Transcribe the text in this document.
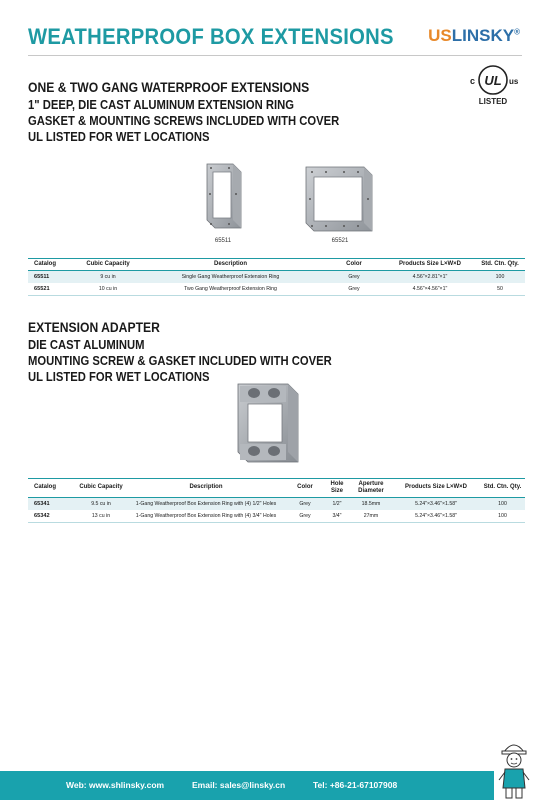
WEATHERPROOF BOX EXTENSIONS USLINSKY®
c UL us
LISTED
ONE & TWO GANG WATERPROOF EXTENSIONS
1" DEEP, DIE CAST ALUMINUM EXTENSION RING
GASKET & MOUNTING SCREWS INCLUDED WITH COVER
UL LISTED FOR WET LOCATIONS
65511	65521
Catalog	Cubic Capacity	Description	Color	Products Size L×W×D	Std. Ctn. Qty.
65511	9 cu in	Single Gang Weatherproof Extension Ring	Grey	4.56"×2.81"×1"	100
65521	10 cu in	Two Gang Weatherproof Extension Ring	Grey	4.56"×4.56"×1"	50
EXTENSION ADAPTER
DIE CAST ALUMINUM
MOUNTING SCREW & GASKET INCLUDED WITH COVER
UL LISTED FOR WET LOCATIONS
Catalog	Cubic Capacity	Description	Color	Hole Size	Aperture Diameter	Products Size L×W×D	Std. Ctn. Qty.
65341	9.5 cu in	1-Gang Weatherproof Box Extension Ring with (4) 1/2" Holes	Grey	1/2"	18.5mm	5.24"×3.46"×1.58"	100
65342	13 cu in	1-Gang Weatherproof Box Extension Ring with (4) 3/4" Holes	Grey	3/4"	27mm	5.24"×3.46"×1.58"	100
Web: www.shlinsky.com	Email: sales@linsky.cn	Tel: +86-21-67107908
